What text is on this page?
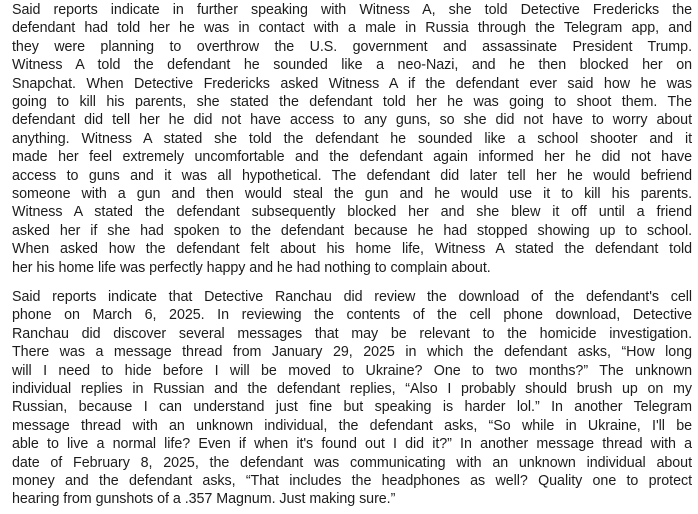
Said reports indicate in further speaking with Witness A, she told Detective Fredericks the
defendant had told her he was in contact with a male in Russia through the Telegram app, and
they were planning to overthrow the U.S. government and assassinate President Trump.
Witness A told the defendant he sounded like a neo-Nazi, and he then blocked her on
Snapchat. When Detective Fredericks asked Witness A if the defendant ever said how he was
going to kill his parents, she stated the defendant told her he was going to shoot them. The
defendant did tell her he did not have access to any guns, so she did not have to worry about
anything. Witness A stated she told the defendant he sounded like a school shooter and it
made her feel extremely uncomfortable and the defendant again informed her he did not have
access to guns and it was all hypothetical. The defendant did later tell her he would befriend
someone with a gun and then would steal the gun and he would use it to kill his parents.
Witness A stated the defendant subsequently blocked her and she blew it off until a friend
asked her if she had spoken to the defendant because he had stopped showing up to school.
When asked how the defendant felt about his home life, Witness A stated the defendant told
her his home life was perfectly happy and he had nothing to complain about.

Said reports indicate that Detective Ranchau did review the download of the defendant's cell
phone on March 6, 2025. In reviewing the contents of the cell phone download, Detective
Ranchau did discover several messages that may be relevant to the homicide investigation.
There was a message thread from January 29, 2025 in which the defendant asks, “How long
will I need to hide before I will be moved to Ukraine? One to two months?” The unknown
individual replies in Russian and the defendant replies, “Also I probably should brush up on my
Russian, because I can understand just fine but speaking is harder lol.” In another Telegram
message thread with an unknown individual, the defendant asks, “So while in Ukraine, I'll be
able to live a normal life? Even if when it's found out I did it?” In another message thread with a
date of February 8, 2025, the defendant was communicating with an unknown individual about
money and the defendant asks, “That includes the headphones as well? Quality one to protect
hearing from gunshots of a .357 Magnum. Just making sure.”
